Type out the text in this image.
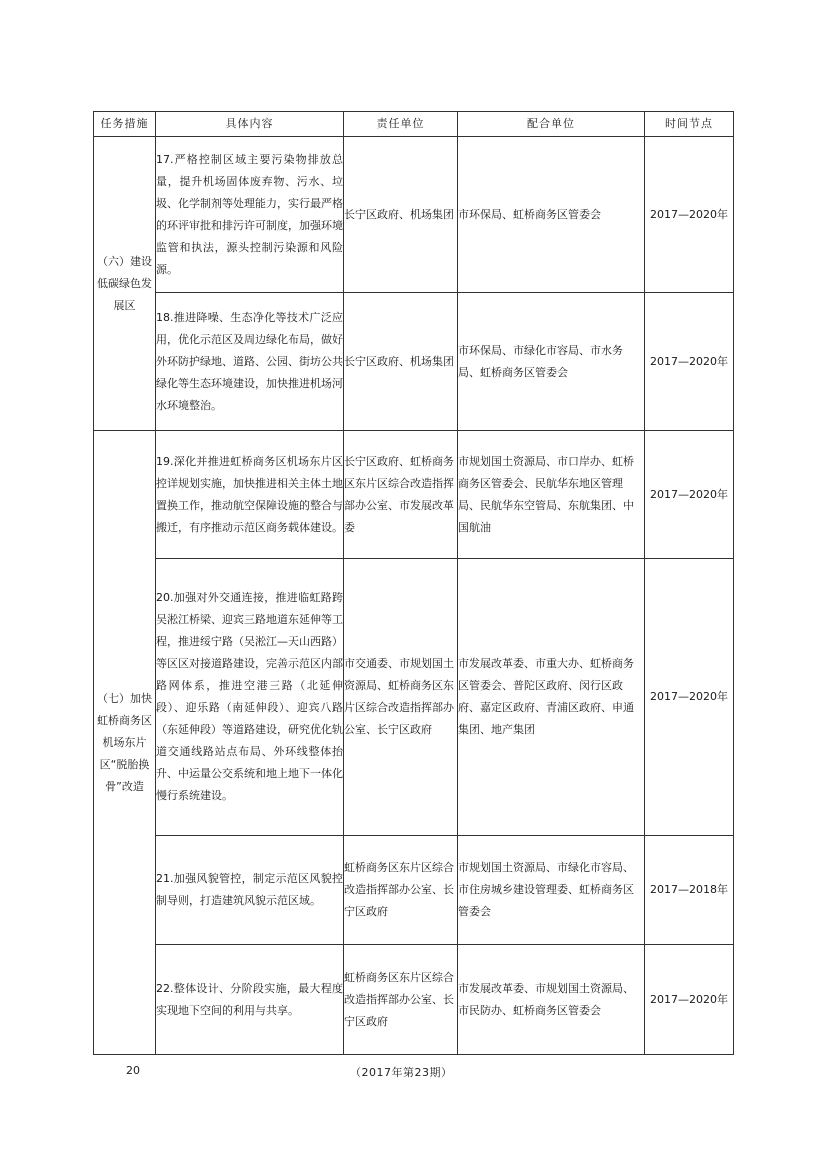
任务措施	具体内容	责任单位	配合单位	时间节点
（六）建设低碳绿色发展区	17.严格控制区域主要污染物排放总量，提升机场固体废弃物、污水、垃圾、化学制剂等处理能力，实行最严格的环评审批和排污许可制度，加强环境监管和执法，源头控制污染源和风险源。	长宁区政府、机场集团	市环保局、虹桥商务区管委会	2017—2020年
	18.推进降噪、生态净化等技术广泛应用，优化示范区及周边绿化布局，做好外环防护绿地、道路、公园、街坊公共绿化等生态环境建设，加快推进机场河水环境整治。	长宁区政府、机场集团	市环保局、市绿化市容局、市水务局、虹桥商务区管委会	2017—2020年
（七）加快虹桥商务区机场东片区“脱胎换骨”改造	19.深化并推进虹桥商务区机场东片区控详规划实施，加快推进相关主体土地置换工作，推动航空保障设施的整合与搬迁，有序推动示范区商务载体建设。	长宁区政府、虹桥商务区东片区综合改造指挥部办公室、市发展改革委	市规划国土资源局、市口岸办、虹桥商务区管委会、民航华东地区管理局、民航华东空管局、东航集团、中国航油	2017—2020年
	20.加强对外交通连接，推进临虹路跨吴淞江桥梁、迎宾三路地道东延伸等工程，推进绥宁路（吴淞江—天山西路）等区区对接道路建设，完善示范区内部路网体系，推进空港三路（北延伸段）、迎乐路（南延伸段）、迎宾八路（东延伸段）等道路建设，研究优化轨道交通线路站点布局、外环线整体抬升、中运量公交系统和地上地下一体化慢行系统建设。	市交通委、市规划国土资源局、虹桥商务区东片区综合改造指挥部办公室、长宁区政府	市发展改革委、市重大办、虹桥商务区管委会、普陀区政府、闵行区政府、嘉定区政府、青浦区政府、申通集团、地产集团	2017—2020年
	21.加强风貌管控，制定示范区风貌控制导则，打造建筑风貌示范区域。	虹桥商务区东片区综合改造指挥部办公室、长宁区政府	市规划国土资源局、市绿化市容局、市住房城乡建设管理委、虹桥商务区管委会	2017—2018年
	22.整体设计、分阶段实施，最大程度实现地下空间的利用与共享。	虹桥商务区东片区综合改造指挥部办公室、长宁区政府	市发展改革委、市规划国土资源局、市民防办、虹桥商务区管委会	2017—2020年
20	（2017年第23期）
